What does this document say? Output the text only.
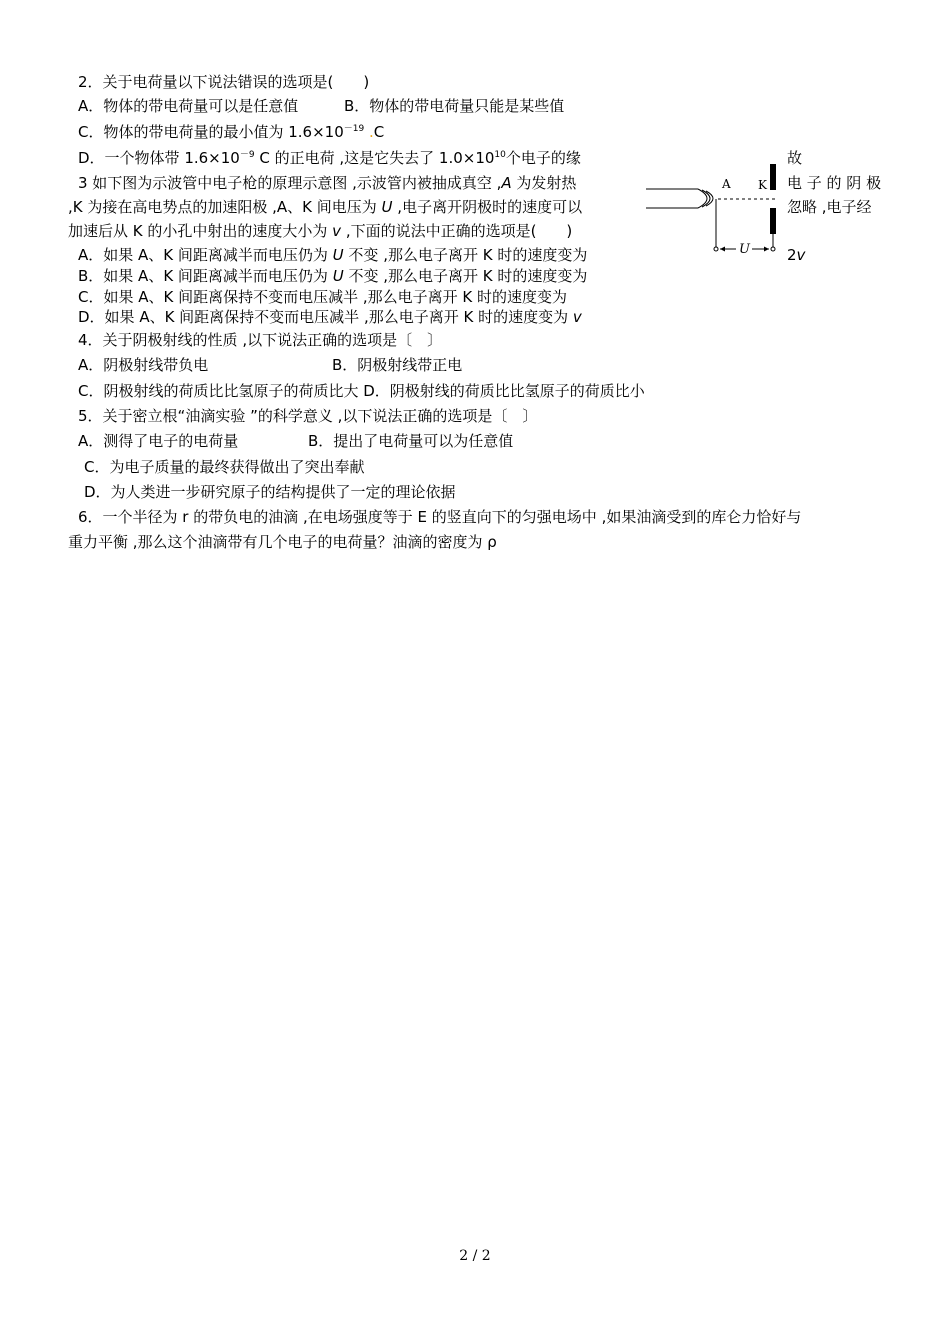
2．关于电荷量以下说法错误的选项是(　　)
A．物体的带电荷量可以是任意值	B．物体的带电荷量只能是某些值
C．物体的带电荷量的最小值为 $1.6\times 10^{-19}$ .C
D．一个物体带 $1.6\times 10^{-9}$ C 的正电荷 ,这是它失去了 $1.0\times 10^{10}$个电子的缘	故
3 如下图为示波管中电子枪的原理示意图 ,示波管内被抽成真空 ,A 为发射热	电 子 的 阴 极
,K 为接在高电势点的加速阳极 ,A、K 间电压为 U ,电子离开阴极时的速度可以	忽略 ,电子经
加速后从 K 的小孔中射出的速度大小为 v ,下面的说法中正确的选项是(　　)
A．如果 A、K 间距离减半而电压仍为 U 不变 ,那么电子离开 K 时的速度变为	2v
B．如果 A、K 间距离减半而电压仍为 U 不变 ,那么电子离开 K 时的速度变为
C．如果 A、K 间距离保持不变而电压减半 ,那么电子离开 K 时的速度变为
D．如果 A、K 间距离保持不变而电压减半 ,那么电子离开 K 时的速度变为 v
A K
U
4．关于阴极射线的性质 ,以下说法正确的选项是〔　〕
A．阴极射线带负电	B．阴极射线带正电
C．阴极射线的荷质比比氢原子的荷质比大 D．阴极射线的荷质比比氢原子的荷质比小
5．关于密立根“油滴实验 ”的科学意义 ,以下说法正确的选项是〔　〕
A．测得了电子的电荷量	B．提出了电荷量可以为任意值
C．为电子质量的最终获得做出了突出奉献
D．为人类进一步研究原子的结构提供了一定的理论依据
6．一个半径为 r 的带负电的油滴 ,在电场强度等于 E 的竖直向下的匀强电场中 ,如果油滴受到的库仑力恰好与
重力平衡 ,那么这个油滴带有几个电子的电荷量？油滴的密度为 ρ
2 / 2
